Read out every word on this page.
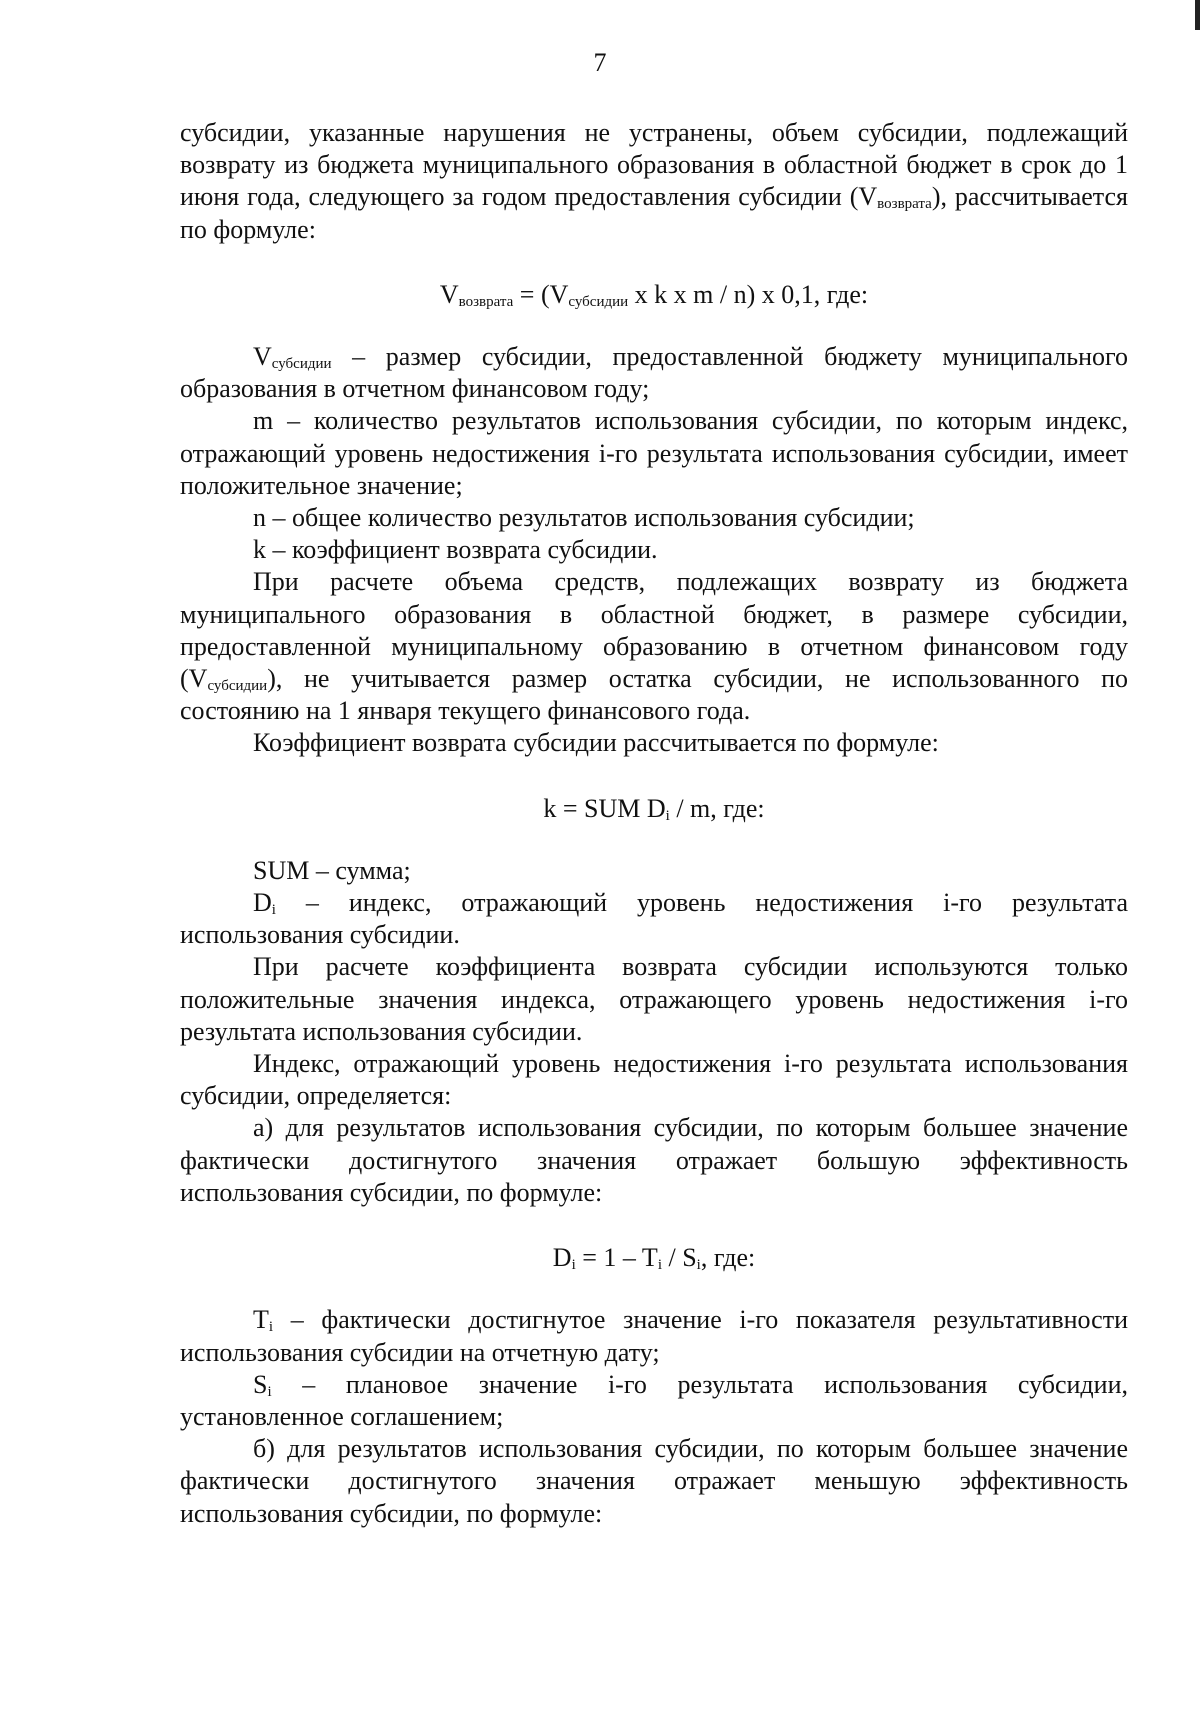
7

субсидии, указанные нарушения не устранены, объем субсидии, подлежащий возврату из бюджета муниципального образования в областной бюджет в срок до 1 июня года, следующего за годом предоставления субсидии $(V_{возврата})$, рассчитывается по формуле:

$V_{возврата} = (V_{субсидии}$ x k x m / n) x 0,1, где:

$V_{субсидии}$ – размер субсидии, предоставленной бюджету муниципального образования в отчетном финансовом году;

m – количество результатов использования субсидии, по которым индекс, отражающий уровень недостижения i-го результата использования субсидии, имеет положительное значение;

n – общее количество результатов использования субсидии;

k – коэффициент возврата субсидии.

При расчете объема средств, подлежащих возврату из бюджета муниципального образования в областной бюджет, в размере субсидии, предоставленной муниципальному образованию в отчетном финансовом году $(V_{субсидии})$, не учитывается размер остатка субсидии, не использованного по состоянию на 1 января текущего финансового года.

Коэффициент возврата субсидии рассчитывается по формуле:

k = SUM $D_i$ / m, где:

SUM – сумма;

$D_i$ – индекс, отражающий уровень недостижения i-го результата использования субсидии.

При расчете коэффициента возврата субсидии используются только положительные значения индекса, отражающего уровень недостижения i-го результата использования субсидии.

Индекс, отражающий уровень недостижения i-го результата использования субсидии, определяется:

а) для результатов использования субсидии, по которым большее значение фактически достигнутого значения отражает большую эффективность использования субсидии, по формуле:

$D_i = 1 - T_i / S_i$, где:

$T_i$ – фактически достигнутое значение i-го показателя результативности использования субсидии на отчетную дату;

$S_i$ – плановое значение i-го результата использования субсидии, установленное соглашением;

б) для результатов использования субсидии, по которым большее значение фактически достигнутого значения отражает меньшую эффективность использования субсидии, по формуле:
